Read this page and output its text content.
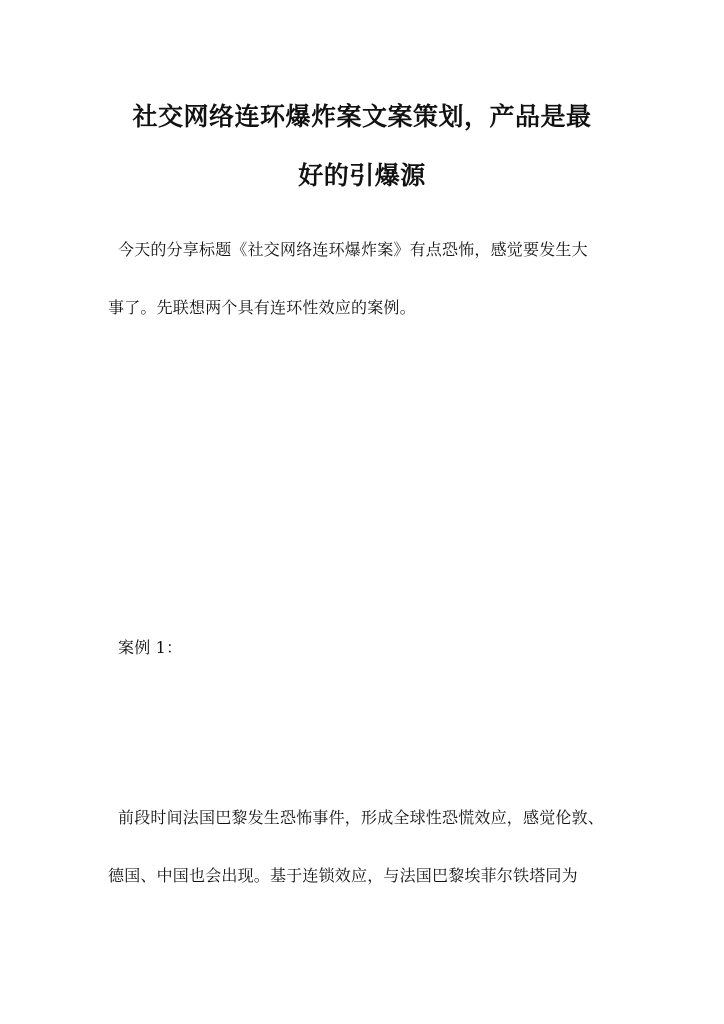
社交网络连环爆炸案文案策划，产品是最
好的引爆源

今天的分享标题《社交网络连环爆炸案》有点恐怖，感觉要发生大

事了。先联想两个具有连环性效应的案例。

案例 1：

前段时间法国巴黎发生恐怖事件，形成全球性恐慌效应，感觉伦敦、

德国、中国也会出现。基于连锁效应，与法国巴黎埃菲尔铁塔同为
